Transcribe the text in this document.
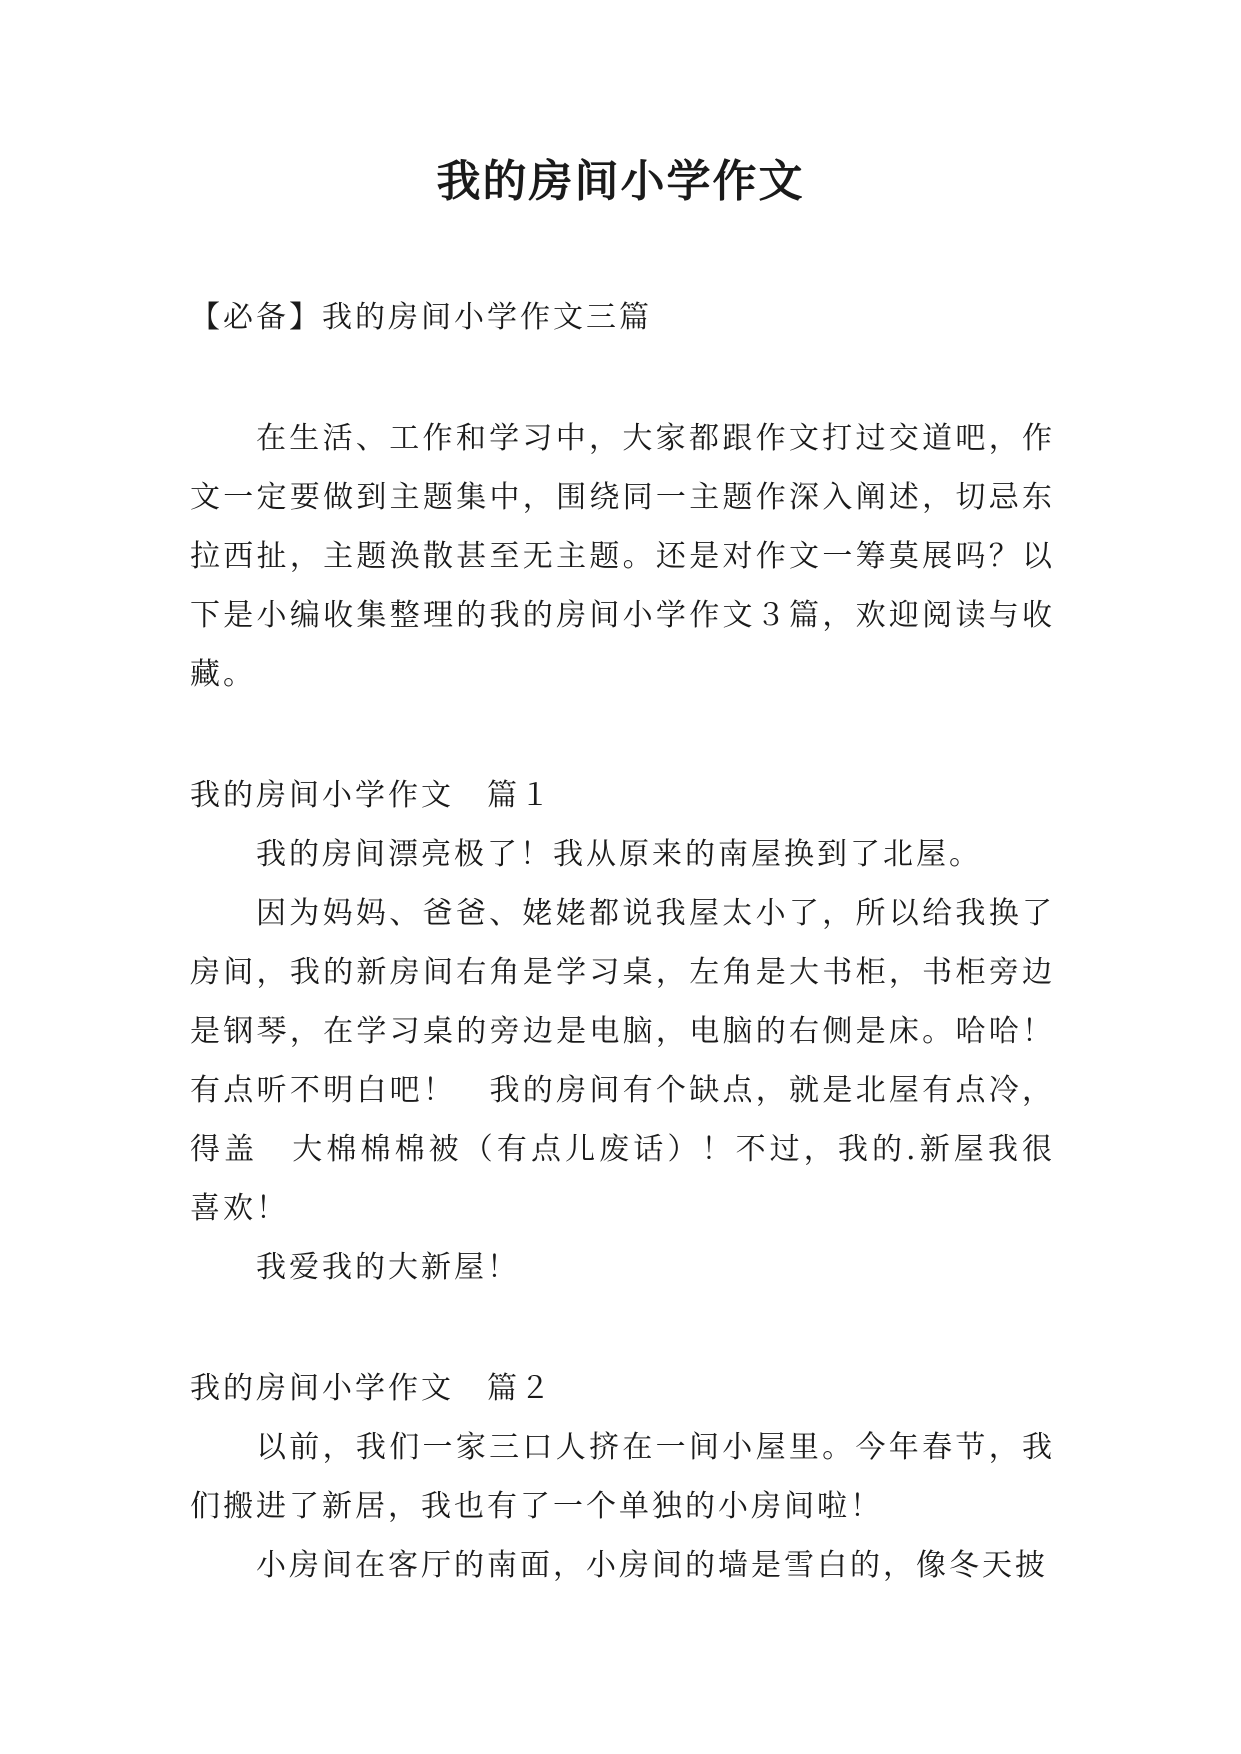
我的房间小学作文

【必备】我的房间小学作文三篇

在生活、工作和学习中，大家都跟作文打过交道吧，作文一定要做到主题集中，围绕同一主题作深入阐述，切忌东拉西扯，主题涣散甚至无主题。还是对作文一筹莫展吗？以下是小编收集整理的我的房间小学作文３篇，欢迎阅读与收藏。

我的房间小学作文　篇１

我的房间漂亮极了！我从原来的南屋换到了北屋。

因为妈妈、爸爸、姥姥都说我屋太小了，所以给我换了房间，我的新房间右角是学习桌，左角是大书柜，书柜旁边是钢琴，在学习桌的旁边是电脑，电脑的右侧是床。哈哈！有点听不明白吧！　我的房间有个缺点，就是北屋有点冷，得盖　大棉棉棉被（有点儿废话）！不过，我的.新屋我很喜欢！

我爱我的大新屋！

我的房间小学作文　篇２

以前，我们一家三口人挤在一间小屋里。今年春节，我们搬进了新居，我也有了一个单独的小房间啦！

小房间在客厅的南面，小房间的墙是雪白的，像冬天披
